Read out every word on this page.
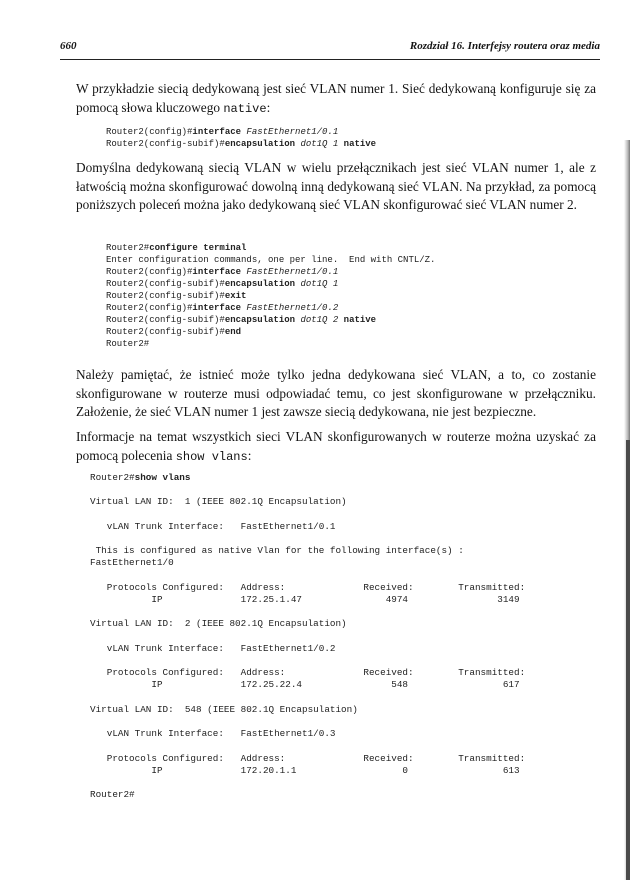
660	Rozdział 16. Interfejsy routera oraz media

W przykładzie siecią dedykowaną jest sieć VLAN numer 1. Sieć dedykowaną konfiguruje się za pomocą słowa kluczowego native:

Router2(config)#interface FastEthernet1/0.1
Router2(config-subif)#encapsulation dot1Q 1 native

Domyślna dedykowaną siecią VLAN w wielu przełącznikach jest sieć VLAN numer 1, ale z łatwością można skonfigurować dowolną inną dedykowaną sieć VLAN. Na przykład, za pomocą poniższych poleceń można jako dedykowaną sieć VLAN skonfigurować sieć VLAN numer 2.

Router2#configure terminal
Enter configuration commands, one per line.  End with CNTL/Z.
Router2(config)#interface FastEthernet1/0.1
Router2(config-subif)#encapsulation dot1Q 1
Router2(config-subif)#exit
Router2(config)#interface FastEthernet1/0.2
Router2(config-subif)#encapsulation dot1Q 2 native
Router2(config-subif)#end
Router2#

Należy pamiętać, że istnieć może tylko jedna dedykowana sieć VLAN, a to, co zostanie skonfigurowane w routerze musi odpowiadać temu, co jest skonfigurowane w przełączniku. Założenie, że sieć VLAN numer 1 jest zawsze siecią dedykowana, nie jest bezpieczne.

Informacje na temat wszystkich sieci VLAN skonfigurowanych w routerze można uzyskać za pomocą polecenia show vlans:

Router2#show vlans
Virtual LAN ID:  1 (IEEE 802.1Q Encapsulation)
vLAN Trunk Interface:   FastEthernet1/0.1
This is configured as native Vlan for the following interface(s) :
FastEthernet1/0
Protocols Configured:   Address:              Received:        Transmitted:
IP              172.25.1.47               4974                3149
Virtual LAN ID:  2 (IEEE 802.1Q Encapsulation)
vLAN Trunk Interface:   FastEthernet1/0.2
Protocols Configured:   Address:              Received:        Transmitted:
IP              172.25.22.4                548                 617
Virtual LAN ID:  548 (IEEE 802.1Q Encapsulation)
vLAN Trunk Interface:   FastEthernet1/0.3
Protocols Configured:   Address:              Received:        Transmitted:
IP              172.20.1.1                   0                 613
Router2#
